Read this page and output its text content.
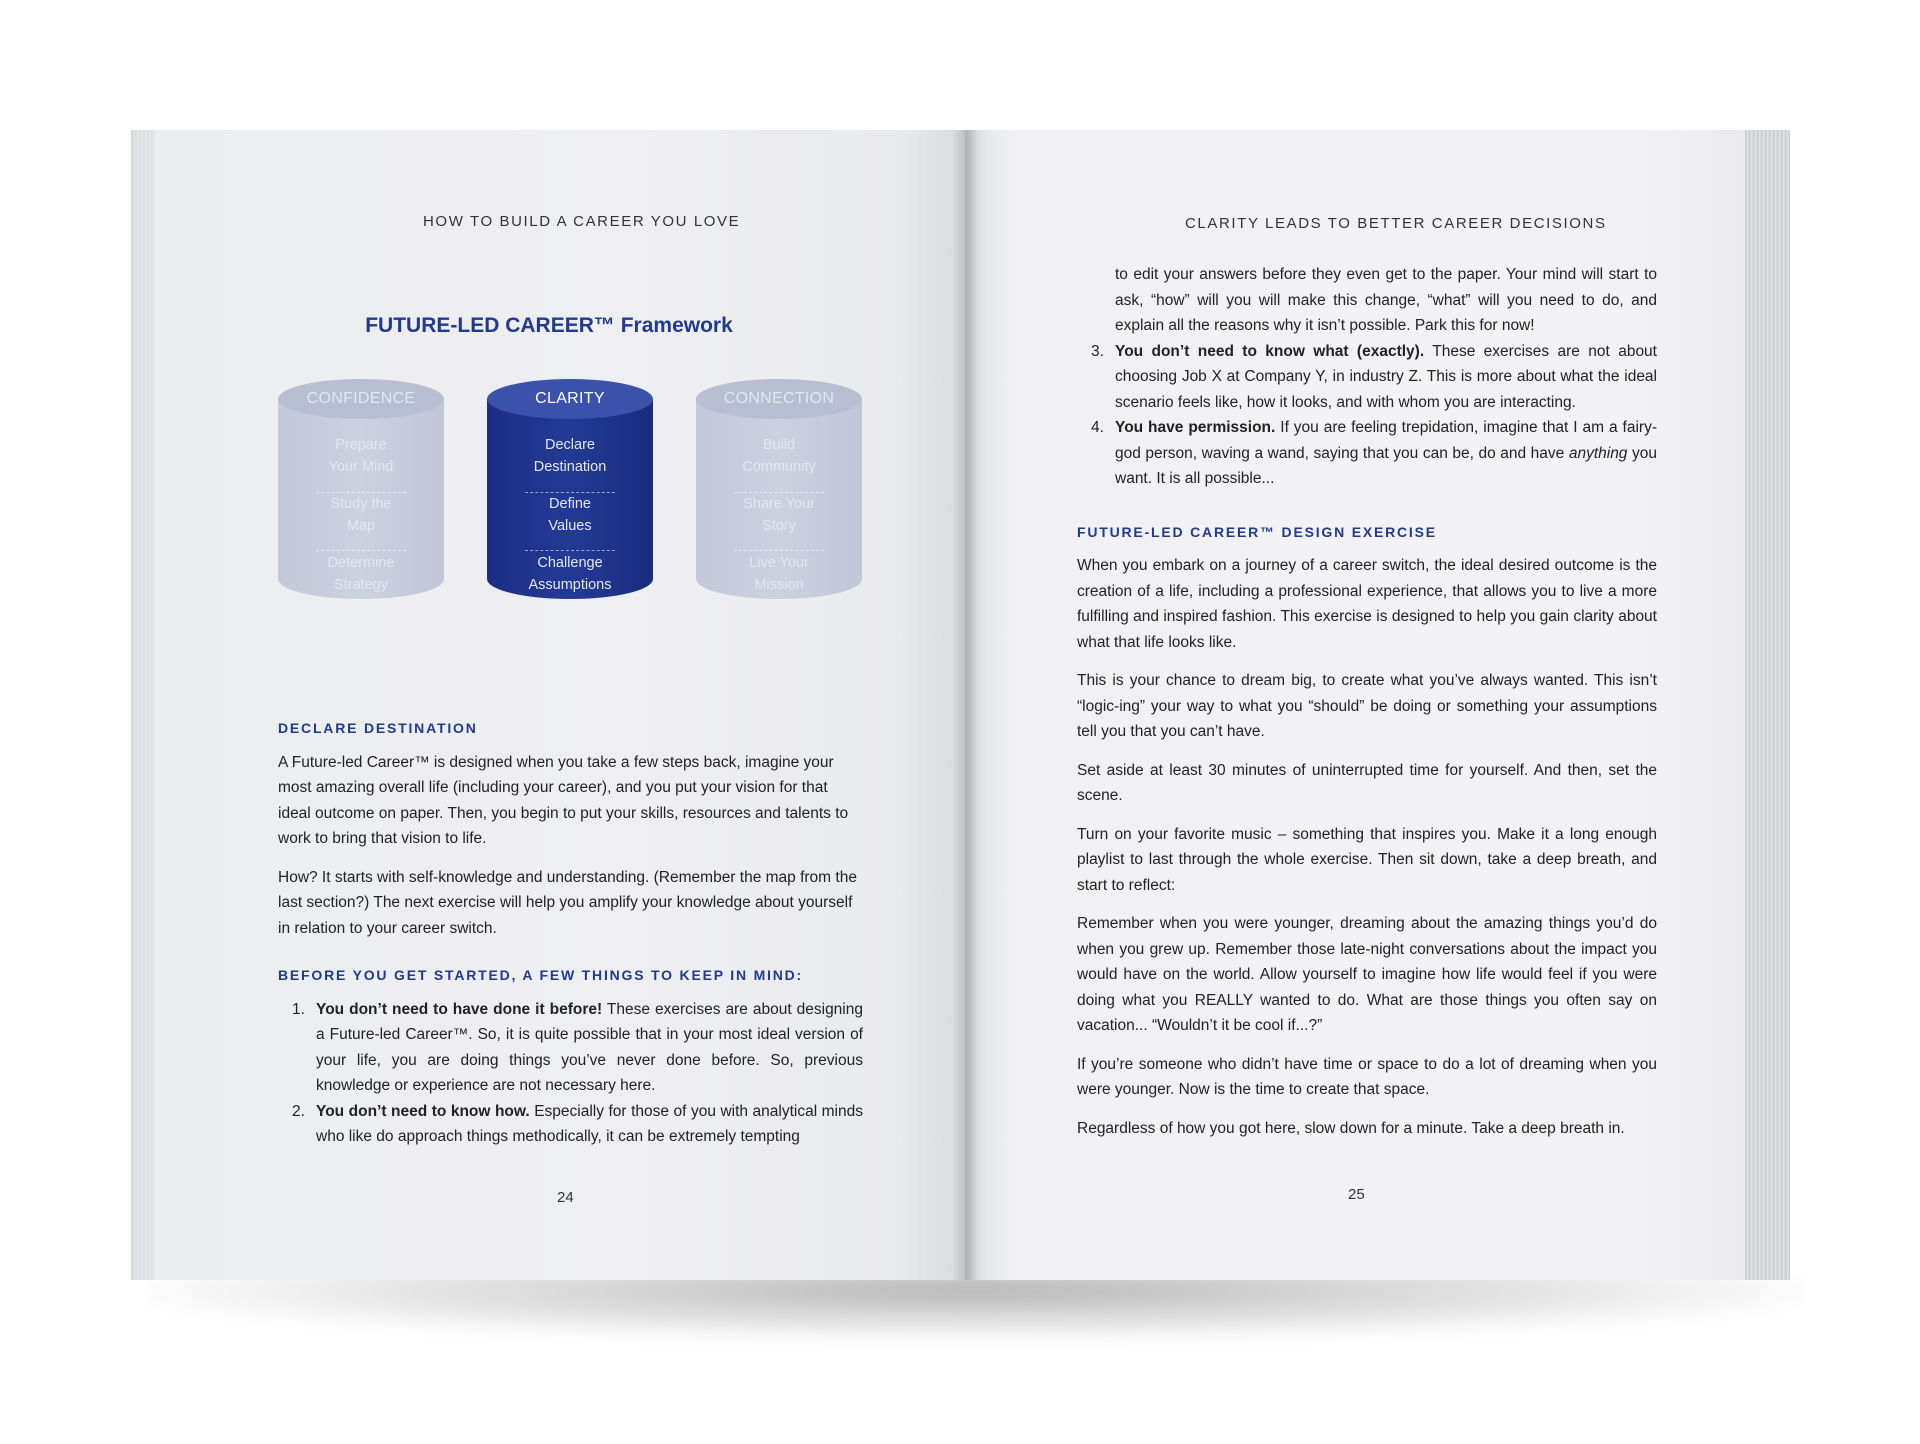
HOW TO BUILD A CAREER YOU LOVE
FUTURE-LED CAREER™ Framework
CONFIDENCE
Prepare Your Mind
Study the Map
Determine Strategy
CLARITY
Declare Destination
Define Values
Challenge Assumptions
CONNECTION
Build Community
Share Your Story
Live Your Mission
DECLARE DESTINATION

A Future-led Career™ is designed when you take a few steps back, imagine your most amazing overall life (including your career), and you put your vision for that ideal outcome on paper. Then, you begin to put your skills, resources and talents to work to bring that vision to life.

How? It starts with self-knowledge and understanding. (Remember the map from the last section?) The next exercise will help you amplify your knowledge about yourself in relation to your career switch.

BEFORE YOU GET STARTED, A FEW THINGS TO KEEP IN MIND:
1. You don’t need to have done it before! These exercises are about designing a Future-led Career™. So, it is quite possible that in your most ideal version of your life, you are doing things you’ve never done before. So, previous knowledge or experience are not necessary here.
2. You don’t need to know how. Especially for those of you with analytical minds who like do approach things methodically, it can be extremely tempting
24
CLARITY LEADS TO BETTER CAREER DECISIONS
to edit your answers before they even get to the paper. Your mind will start to ask, “how” will you will make this change, “what” will you need to do, and explain all the reasons why it isn’t possible. Park this for now!
3. You don’t need to know what (exactly). These exercises are not about choosing Job X at Company Y, in industry Z. This is more about what the ideal scenario feels like, how it looks, and with whom you are interacting.
4. You have permission. If you are feeling trepidation, imagine that I am a fairy-god person, waving a wand, saying that you can be, do and have anything you want. It is all possible...
FUTURE-LED CAREER™ DESIGN EXERCISE

When you embark on a journey of a career switch, the ideal desired outcome is the creation of a life, including a professional experience, that allows you to live a more fulfilling and inspired fashion. This exercise is designed to help you gain clarity about what that life looks like.

This is your chance to dream big, to create what you’ve always wanted. This isn’t “logic-ing” your way to what you “should” be doing or something your assumptions tell you that you can’t have.

Set aside at least 30 minutes of uninterrupted time for yourself. And then, set the scene.

Turn on your favorite music – something that inspires you. Make it a long enough playlist to last through the whole exercise. Then sit down, take a deep breath, and start to reflect:

Remember when you were younger, dreaming about the amazing things you’d do when you grew up. Remember those late-night conversations about the impact you would have on the world. Allow yourself to imagine how life would feel if you were doing what you REALLY wanted to do. What are those things you often say on vacation... “Wouldn’t it be cool if...?”

If you’re someone who didn’t have time or space to do a lot of dreaming when you were younger. Now is the time to create that space.

Regardless of how you got here, slow down for a minute. Take a deep breath in.

25
